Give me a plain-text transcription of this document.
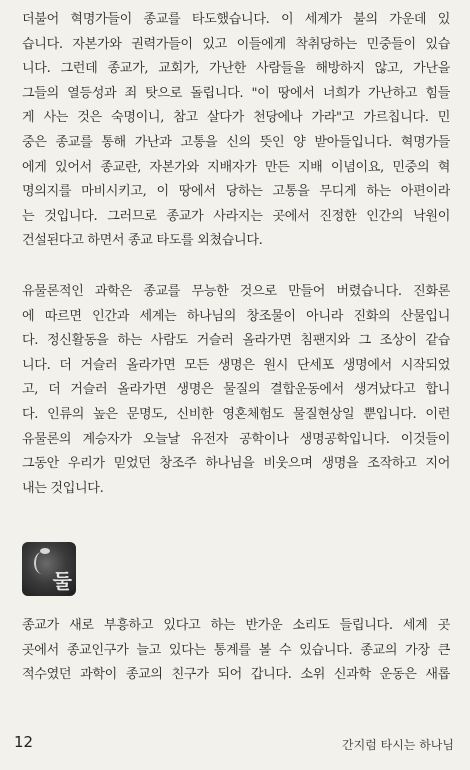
더불어 혁명가들이 종교를 타도했습니다. 이 세계가 불의 가운데 있
습니다. 자본가와 권력가들이 있고 이들에게 착취당하는 민중들이 있습
니다. 그런데 종교가, 교회가, 가난한 사람들을 해방하지 않고, 가난을
그들의 열등성과 죄 탓으로 돌립니다. "이 땅에서 너희가 가난하고 힘들
게 사는 것은 숙명이니, 참고 살다가 천당에나 가라"고 가르칩니다. 민
중은 종교를 통해 가난과 고통을 신의 뜻인 양 받아들입니다. 혁명가들
에게 있어서 종교란, 자본가와 지배자가 만든 지배 이념이요, 민중의 혁
명의지를 마비시키고, 이 땅에서 당하는 고통을 무디게 하는 아편이라
는 것입니다. 그러므로 종교가 사라지는 곳에서 진정한 인간의 낙원이
건설된다고 하면서 종교 타도를 외쳤습니다.
유물론적인 과학은 종교를 무능한 것으로 만들어 버렸습니다. 진화론
에 따르면 인간과 세계는 하나님의 창조물이 아니라 진화의 산물입니
다. 정신활동을 하는 사람도 거슬러 올라가면 침팬지와 그 조상이 같습
니다. 더 거슬러 올라가면 모든 생명은 원시 단세포 생명에서 시작되었
고, 더 거슬러 올라가면 생명은 물질의 결합운동에서 생겨났다고 합니
다. 인류의 높은 문명도, 신비한 영혼체험도 물질현상일 뿐입니다. 이런
유물론의 계승자가 오늘날 유전자 공학이나 생명공학입니다. 이것들이
그동안 우리가 믿었던 창조주 하나님을 비웃으며 생명을 조작하고 지어
내는 것입니다.
둘
종교가 새로 부흥하고 있다고 하는 반가운 소리도 들립니다. 세계 곳
곳에서 종교인구가 늘고 있다는 통계를 볼 수 있습니다. 종교의 가장 큰
적수였던 과학이 종교의 친구가 되어 갑니다. 소위 신과학 운동은 새롭
12	간지럼 타시는 하나님
